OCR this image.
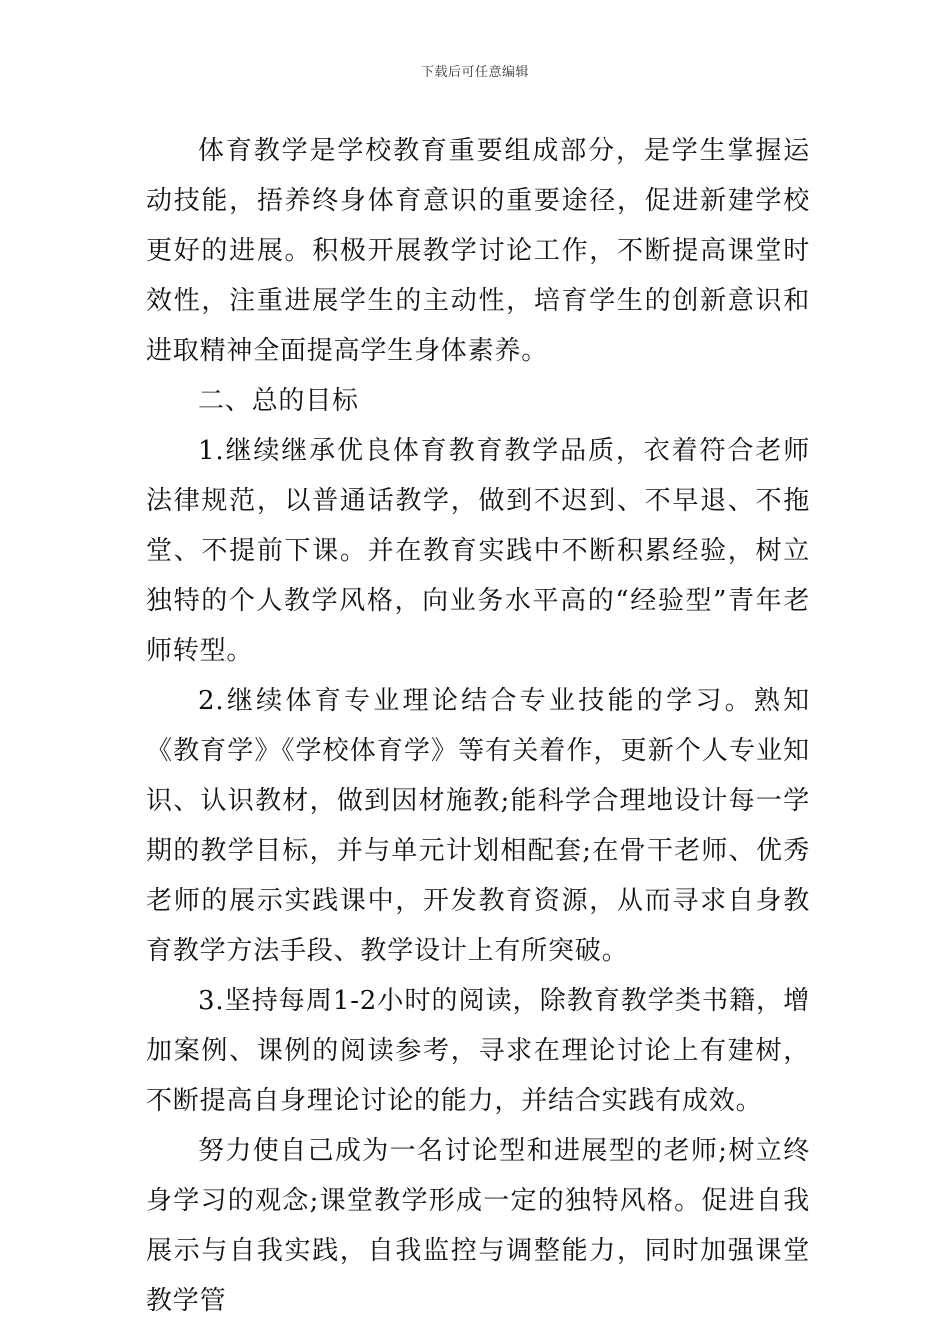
下载后可任意编辑

体育教学是学校教育重要组成部分，是学生掌握运动技能，捂养终身体育意识的重要途径，促进新建学校更好的进展。积极开展教学讨论工作，不断提高课堂时效性，注重进展学生的主动性，培育学生的创新意识和进取精神全面提高学生身体素养。

二、总的目标

1.继续继承优良体育教育教学品质，衣着符合老师法律规范，以普通话教学，做到不迟到、不早退、不拖堂、不提前下课。并在教育实践中不断积累经验，树立独特的个人教学风格，向业务水平高的“经验型”青年老师转型。

2.继续体育专业理论结合专业技能的学习。熟知《教育学》《学校体育学》等有关着作，更新个人专业知识、认识教材，做到因材施教;能科学合理地设计每一学期的教学目标，并与单元计划相配套;在骨干老师、优秀老师的展示实践课中，开发教育资源，从而寻求自身教育教学方法手段、教学设计上有所突破。

3.坚持每周1-2小时的阅读，除教育教学类书籍，增加案例、课例的阅读参考，寻求在理论讨论上有建树，不断提高自身理论讨论的能力，并结合实践有成效。

努力使自己成为一名讨论型和进展型的老师;树立终身学习的观念;课堂教学形成一定的独特风格。促进自我展示与自我实践，自我监控与调整能力，同时加强课堂教学管
